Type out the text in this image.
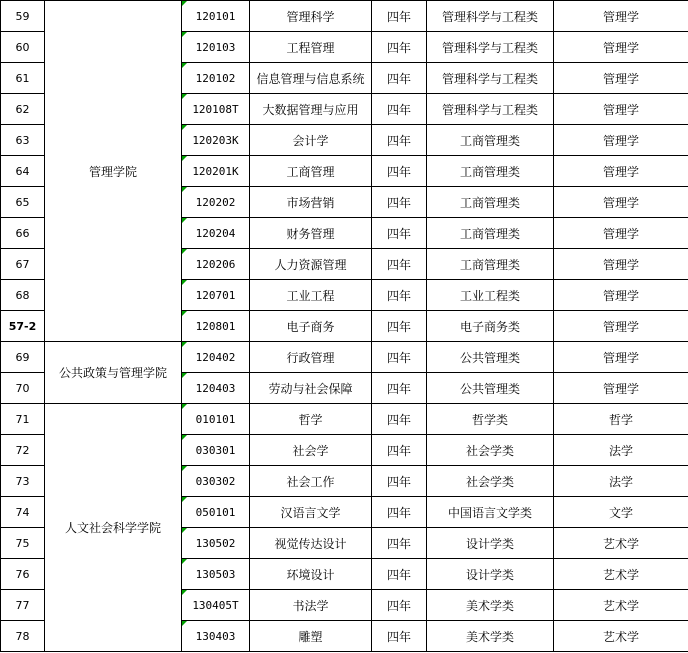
59	管理学院	120101	管理科学	四年	管理科学与工程类	管理学
60		120103	工程管理	四年	管理科学与工程类	管理学
61		120102	信息管理与信息系统	四年	管理科学与工程类	管理学
62		120108T	大数据管理与应用	四年	管理科学与工程类	管理学
63		120203K	会计学	四年	工商管理类	管理学
64		120201K	工商管理	四年	工商管理类	管理学
65		120202	市场营销	四年	工商管理类	管理学
66		120204	财务管理	四年	工商管理类	管理学
67		120206	人力资源管理	四年	工商管理类	管理学
68		120701	工业工程	四年	工业工程类	管理学
57-2		120801	电子商务	四年	电子商务类	管理学
69	公共政策与管理学院	120402	行政管理	四年	公共管理类	管理学
70		120403	劳动与社会保障	四年	公共管理类	管理学
71	人文社会科学学院	010101	哲学	四年	哲学类	哲学
72		030301	社会学	四年	社会学类	法学
73		030302	社会工作	四年	社会学类	法学
74		050101	汉语言文学	四年	中国语言文学类	文学
75		130502	视觉传达设计	四年	设计学类	艺术学
76		130503	环境设计	四年	设计学类	艺术学
77		130405T	书法学	四年	美术学类	艺术学
78		130403	雕塑	四年	美术学类	艺术学
